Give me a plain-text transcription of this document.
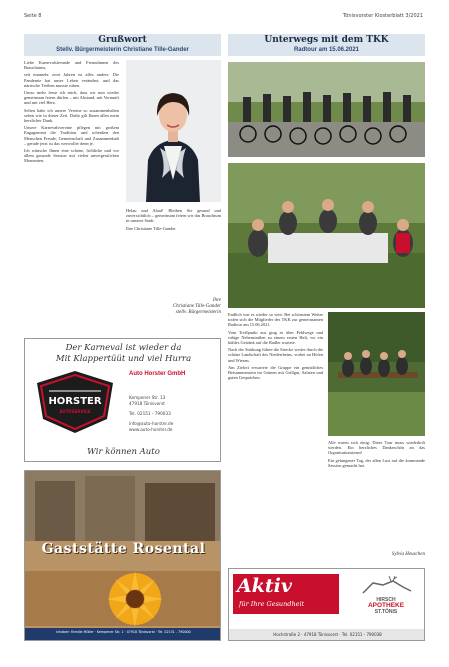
Seite 8	Tönisvorster Klosterblatt 3/2021
Grußwort
Stellv. Bürgermeisterin Christiane Tille-Gander

Liebe Karnevalsfreunde und Freundinnen des Brauchtums,

seit nunmehr zwei Jahren ist alles anders: Die Pandemie hat unser Leben verändert, und das närrische Treiben musste ruhen.

Umso mehr freue ich mich, dass wir nun wieder gemeinsam feiern dürfen – mit Abstand, mit Vernunft und mit viel Herz.

Selten habe ich unsere Vereine so zusammenhalten sehen wie in dieser Zeit. Dafür gilt Ihnen allen mein herzlicher Dank.

Unsere Karnevalsvereine pflegen mit großem Engagement die Tradition und schenken den Menschen Freude, Gemeinschaft und Zusammenhalt – gerade jetzt ist das wertvoller denn je.

Ich wünsche Ihnen eine schöne, fröhliche und vor allem gesunde Session mit vielen unvergesslichen Momenten.

Helau und Alaaf! Bleiben Sie gesund und zuversichtlich – gemeinsam feiern wir das Brauchtum in unserer Stadt.

Ihre Christiane Tille-Gander

Ihre
Christiane Tille-Gander
stellv. Bürgermeisterin
Der Karneval ist wieder da
Mit Klappertüüt und viel Hurra
HORSTER
AUTOSERVICE
Auto Horster GmbH
Kempener Str. 13
47918 Tönisvorst
Tel. 02151 - 790033
info@auto-horster.de
www.auto-horster.de
Wir können Auto
Gaststätte Rosental
Inhaber: Familie Müller · Kempener Str. 1 · 47918 Tönisvorst · Tel. 02151 - 790000
Unterwegs mit dem TKK
Radtour am 15.06.2021

Endlich war es wieder so weit: Bei schönstem Wetter trafen sich die Mitglieder des TKK zur gemeinsamen Radtour am 15.06.2021.

Vom Treffpunkt aus ging es über Feldwege und ruhige Nebenstraßen zu einem ersten Halt, wo ein kühles Getränk auf die Radler wartete.

Nach der Stärkung führte die Strecke weiter durch die schöne Landschaft des Niederrheins, vorbei an Höfen und Wiesen.

Am Zielort erwartete die Gruppe ein gemütliches Beisammensein im Grünen mit Grillgut, Salaten und guten Gesprächen.

Alle waren sich einig: Diese Tour muss wiederholt werden. Ein herzliches Dankeschön an das Organisationsteam!

Ein gelungener Tag, der allen Lust auf die kommende Session gemacht hat.

Sylvia Heuschen
Aktiv
für Ihre Gesundheit	HIRSCH
APOTHEKE
ST.TÖNIS
Hochstraße 2 · 47918 Tönisvorst · Tel. 02151 - 790038
